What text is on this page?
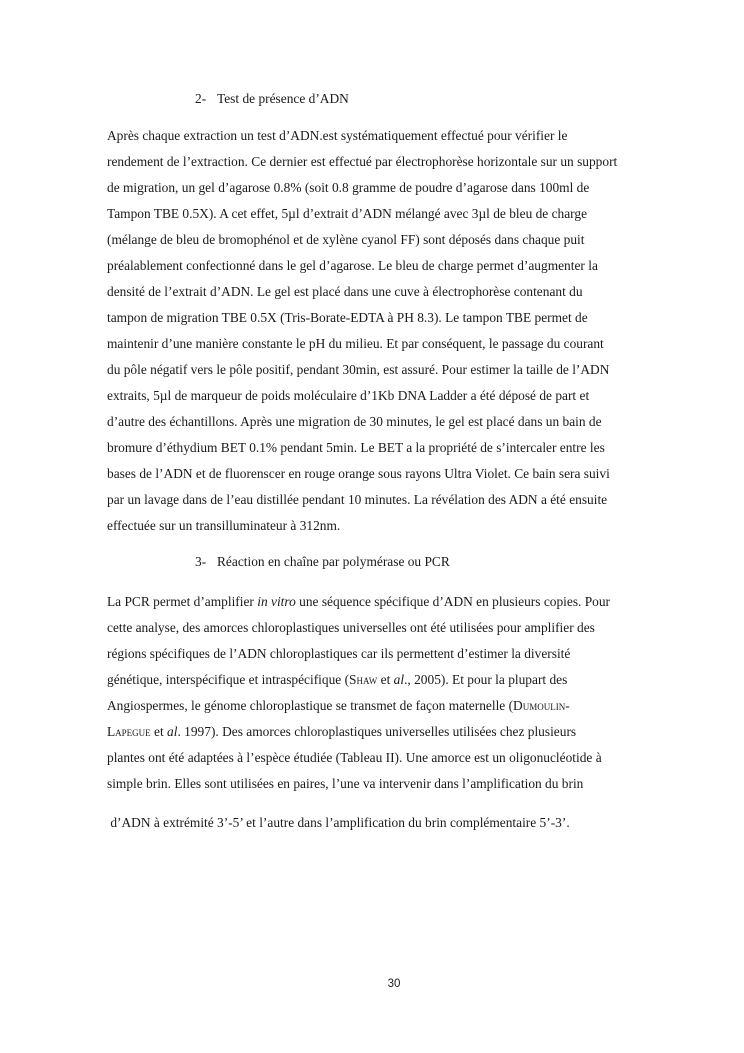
2- Test de présence d’ADN
Après chaque extraction un test d’ADN.est systématiquement effectué pour vérifier le
rendement de l’extraction. Ce dernier est effectué par électrophorèse horizontale sur un support
de migration, un gel d’agarose 0.8% (soit 0.8 gramme de poudre d’agarose dans 100ml de
Tampon TBE 0.5X). A cet effet, 5µl d’extrait d’ADN mélangé avec 3µl de bleu de charge
(mélange de bleu de bromophénol et de xylène cyanol FF) sont déposés dans chaque puit
préalablement confectionné dans le gel d’agarose. Le bleu de charge permet d’augmenter la
densité de l’extrait d’ADN. Le gel est placé dans une cuve à électrophorèse contenant du
tampon de migration TBE 0.5X (Tris-Borate-EDTA à PH 8.3). Le tampon TBE permet de
maintenir d’une manière constante le pH du milieu. Et par conséquent, le passage du courant
du pôle négatif vers le pôle positif, pendant 30min, est assuré. Pour estimer la taille de l’ADN
extraits, 5µl de marqueur de poids moléculaire d’1Kb DNA Ladder a été déposé de part et
d’autre des échantillons. Après une migration de 30 minutes, le gel est placé dans un bain de
bromure d’éthydium BET 0.1% pendant 5min. Le BET a la propriété de s’intercaler entre les
bases de l’ADN et de fluorenscer en rouge orange sous rayons Ultra Violet. Ce bain sera suivi
par un lavage dans de l’eau distillée pendant 10 minutes. La révélation des ADN a été ensuite
effectuée sur un transilluminateur à 312nm.
3- Réaction en chaîne par polymérase ou PCR
La PCR permet d’amplifier in vitro une séquence spécifique d’ADN en plusieurs copies. Pour
cette analyse, des amorces chloroplastiques universelles ont été utilisées pour amplifier des
régions spécifiques de l’ADN chloroplastiques car ils permettent d’estimer la diversité
génétique, interspécifique et intraspécifique (Shaw et al., 2005). Et pour la plupart des
Angiospermes, le génome chloroplastique se transmet de façon maternelle (Dumoulin-
Lapegue et al. 1997). Des amorces chloroplastiques universelles utilisées chez plusieurs
plantes ont été adaptées à l’espèce étudiée (Tableau II). Une amorce est un oligonucléotide à
simple brin. Elles sont utilisées en paires, l’une va intervenir dans l’amplification du brin
d’ADN à extrémité 3’-5’ et l’autre dans l’amplification du brin complémentaire 5’-3’.
30
